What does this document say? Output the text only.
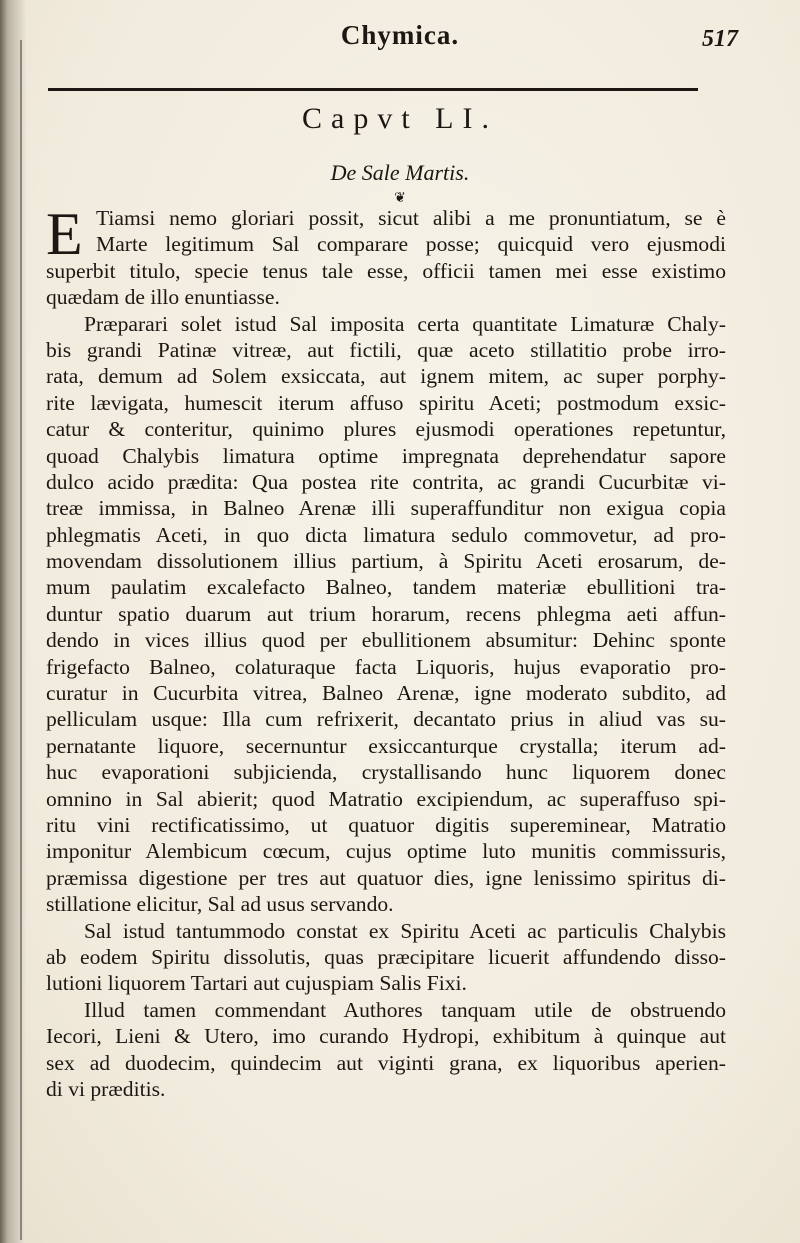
Chymica.	517
Capvt LI.
De Sale Martis.
❦
E Tiamsi nemo gloriari possit, sicut alibi a me pronuntiatum, se è
Marte legitimum Sal comparare posse; quicquid vero ejusmodi
superbit titulo, specie tenus tale esse, officii tamen mei esse existimo
quædam de illo enuntiasse.
Præparari solet istud Sal imposita certa quantitate Limaturæ Chaly-
bis grandi Patinæ vitreæ, aut fictili, quæ aceto stillatitio probe irro-
rata, demum ad Solem exsiccata, aut ignem mitem, ac super porphy-
rite lævigata, humescit iterum affuso spiritu Aceti; postmodum exsic-
catur & conteritur, quinimo plures ejusmodi operationes repetuntur,
quoad Chalybis limatura optime impregnata deprehendatur sapore
dulco acido prædita: Qua postea rite contrita, ac grandi Cucurbitæ vi-
treæ immissa, in Balneo Arenæ illi superaffunditur non exigua copia
phlegmatis Aceti, in quo dicta limatura sedulo commovetur, ad pro-
movendam dissolutionem illius partium, à Spiritu Aceti erosarum, de-
mum paulatim excalefacto Balneo, tandem materiæ ebullitioni tra-
duntur spatio duarum aut trium horarum, recens phlegma aeti affun-
dendo in vices illius quod per ebullitionem absumitur: Dehinc sponte
frigefacto Balneo, colaturaque facta Liquoris, hujus evaporatio pro-
curatur in Cucurbita vitrea, Balneo Arenæ, igne moderato subdito, ad
pelliculam usque: Illa cum refrixerit, decantato prius in aliud vas su-
pernatante liquore, secernuntur exsiccanturque crystalla; iterum ad-
huc evaporationi subjicienda, crystallisando hunc liquorem donec
omnino in Sal abierit; quod Matratio excipiendum, ac superaffuso spi-
ritu vini rectificatissimo, ut quatuor digitis supereminear, Matratio
imponitur Alembicum cœcum, cujus optime luto munitis commissuris,
præmissa digestione per tres aut quatuor dies, igne lenissimo spiritus di-
stillatione elicitur, Sal ad usus servando.
Sal istud tantummodo constat ex Spiritu Aceti ac particulis Chalybis
ab eodem Spiritu dissolutis, quas præcipitare licuerit affundendo disso-
lutioni liquorem Tartari aut cujuspiam Salis Fixi.
Illud tamen commendant Authores tanquam utile de obstruendo
Iecori, Lieni & Utero, imo curando Hydropi, exhibitum à quinque aut
sex ad duodecim, quindecim aut viginti grana, ex liquoribus aperien-
di vi præditis.
